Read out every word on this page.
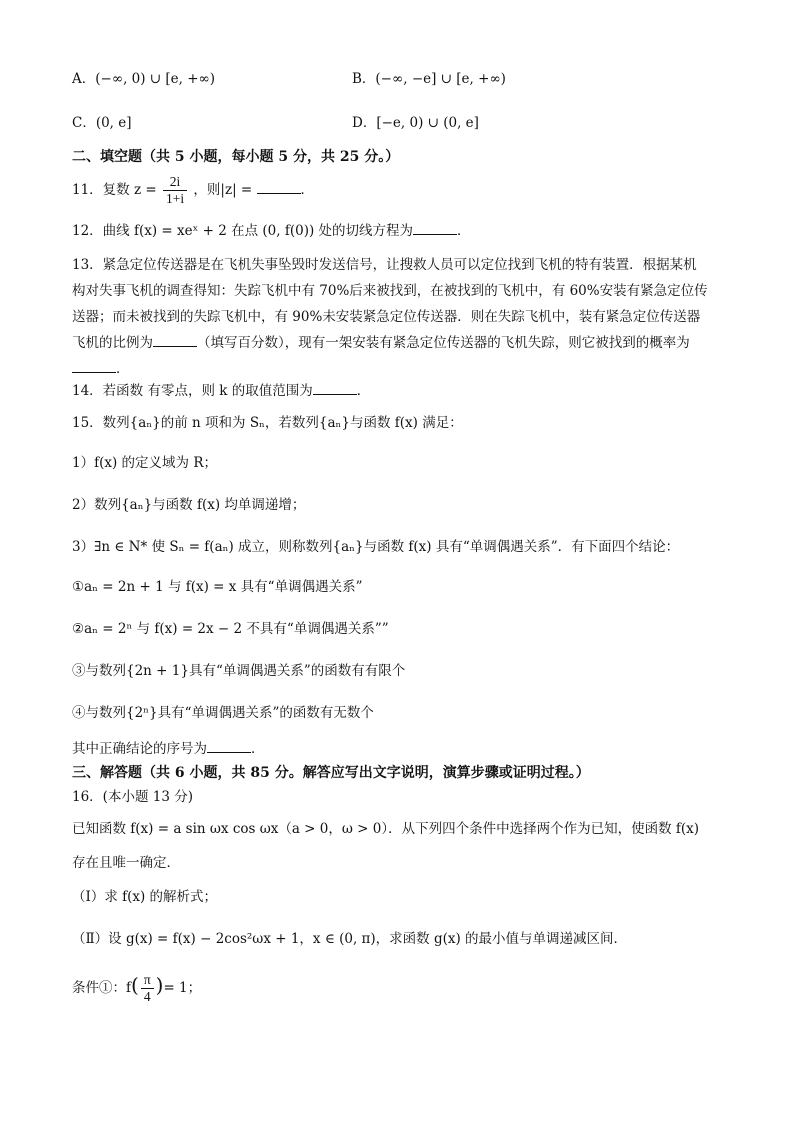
A．(−∞, 0) ∪ [e, +∞)	B．(−∞, −e] ∪ [e, +∞)
C．(0, e]	D．[−e, 0) ∪ (0, e]
二、填空题（共 5 小题，每小题 5 分，共 25 分。）
11．复数 $z = \frac{2i}{1+i}$ ，则|z| =	．
12．曲线 f(x) = xeˣ + 2 在点 (0, f(0)) 处的切线方程为	．
13．紧急定位传送器是在飞机失事坠毁时发送信号，让搜救人员可以定位找到飞机的特有装置．根据某机
构对失事飞机的调查得知：失踪飞机中有 70%后来被找到，在被找到的飞机中，有 60%安装有紧急定位传
送器；而未被找到的失踪飞机中，有 90%未安装紧急定位传送器．则在失踪飞机中，装有紧急定位传送器
飞机的比例为	（填写百分数），现有一架安装有紧急定位传送器的飞机失踪，则它被找到的概率为
．
14．若函数 有零点，则 k 的取值范围为	．
15．数列{aₙ}的前 n 项和为 Sₙ，若数列{aₙ}与函数 f(x) 满足：
1）f(x) 的定义域为 R；
2）数列{aₙ}与函数 f(x) 均单调递增；
3）∃n ∈ N* 使 Sₙ = f(aₙ) 成立，则称数列{aₙ}与函数 f(x) 具有“单调偶遇关系”．有下面四个结论：
①aₙ = 2n + 1 与 f(x) = x 具有“单调偶遇关系”
②aₙ = 2ⁿ 与 f(x) = 2x − 2 不具有“单调偶遇关系””
③与数列{2n + 1}具有“单调偶遇关系”的函数有有限个
④与数列{2ⁿ}具有“单调偶遇关系”的函数有无数个
其中正确结论的序号为	．
三、解答题（共 6 小题，共 85 分。解答应写出文字说明，演算步骤或证明过程。）
16．(本小题 13 分)
已知函数 f(x) = a sin ωx cos ωx（a > 0，ω > 0）．从下列四个条件中选择两个作为已知，使函数 f(x)
存在且唯一确定．
（Ⅰ）求 f(x) 的解析式；
（Ⅱ）设 g(x) = f(x) − 2cos²ωx + 1，x ∈ (0, π)，求函数 g(x) 的最小值与单调递减区间．
条件①：$f( \frac{\pi}{4}$ )= 1；
